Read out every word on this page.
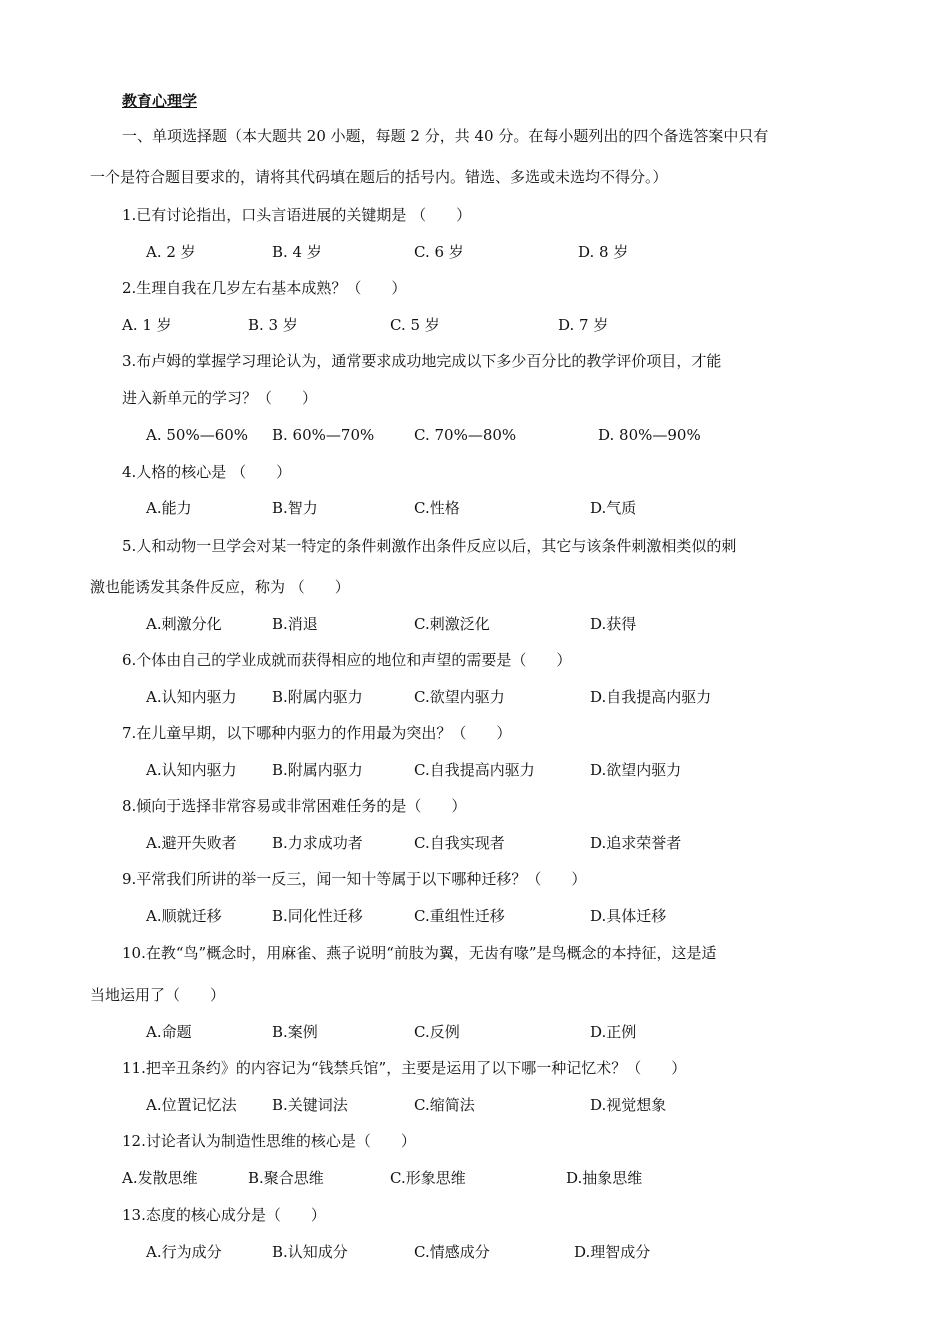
教育心理学
一、单项选择题（本大题共 20 小题，每题 2 分，共 40 分。在每小题列出的四个备选答案中只有
一个是符合题目要求的，请将其代码填在题后的括号内。错选、多选或未选均不得分。）
1.已有讨论指出，口头言语进展的关键期是 （　　）
A. 2 岁	B. 4 岁	C. 6 岁	D. 8 岁
2.生理自我在几岁左右基本成熟？（　　）
A. 1 岁	B. 3 岁	C. 5 岁	D. 7 岁
3.布卢姆的掌握学习理论认为，通常要求成功地完成以下多少百分比的教学评价项目，才能
进入新单元的学习？（　　）
A. 50%—60% B. 60%—70%	C. 70%—80%	D. 80%—90%
4.人格的核心是 （　　）
A.能力	B.智力	C.性格	D.气质
5.人和动物一旦学会对某一特定的条件刺激作出条件反应以后，其它与该条件刺激相类似的刺
激也能诱发其条件反应，称为 （　　）
A.刺激分化	B.消退	C.刺激泛化	D.获得
6.个体由自己的学业成就而获得相应的地位和声望的需要是（　　）
A.认知内驱力 B.附属内驱力	C.欲望内驱力	D.自我提高内驱力
7.在儿童早期，以下哪种内驱力的作用最为突出？（　　）
A.认知内驱力 B.附属内驱力	C.自我提高内驱力	D.欲望内驱力
8.倾向于选择非常容易或非常困难任务的是（　　）
A.避开失败者 B.力求成功者	C.自我实现者	D.追求荣誉者
9.平常我们所讲的举一反三，闻一知十等属于以下哪种迁移？（　　）
A.顺就迁移	B.同化性迁移	C.重组性迁移	D.具体迁移
10.在教“鸟”概念时，用麻雀、燕子说明“前肢为翼，无齿有喙”是鸟概念的本持征，这是适
当地运用了（　　）
A.命题	B.案例	C.反例	D.正例
11.把辛丑条约》的内容记为“钱禁兵馆”，主要是运用了以下哪一种记忆术？（　　）
A.位置记忆法 B.关键词法	C.缩简法	D.视觉想象
12.讨论者认为制造性思维的核心是（　　）
A.发散思维	B.聚合思维	C.形象思维	D.抽象思维
13.态度的核心成分是（　　）
A.行为成分	B.认知成分	C.情感成分	D.理智成分
